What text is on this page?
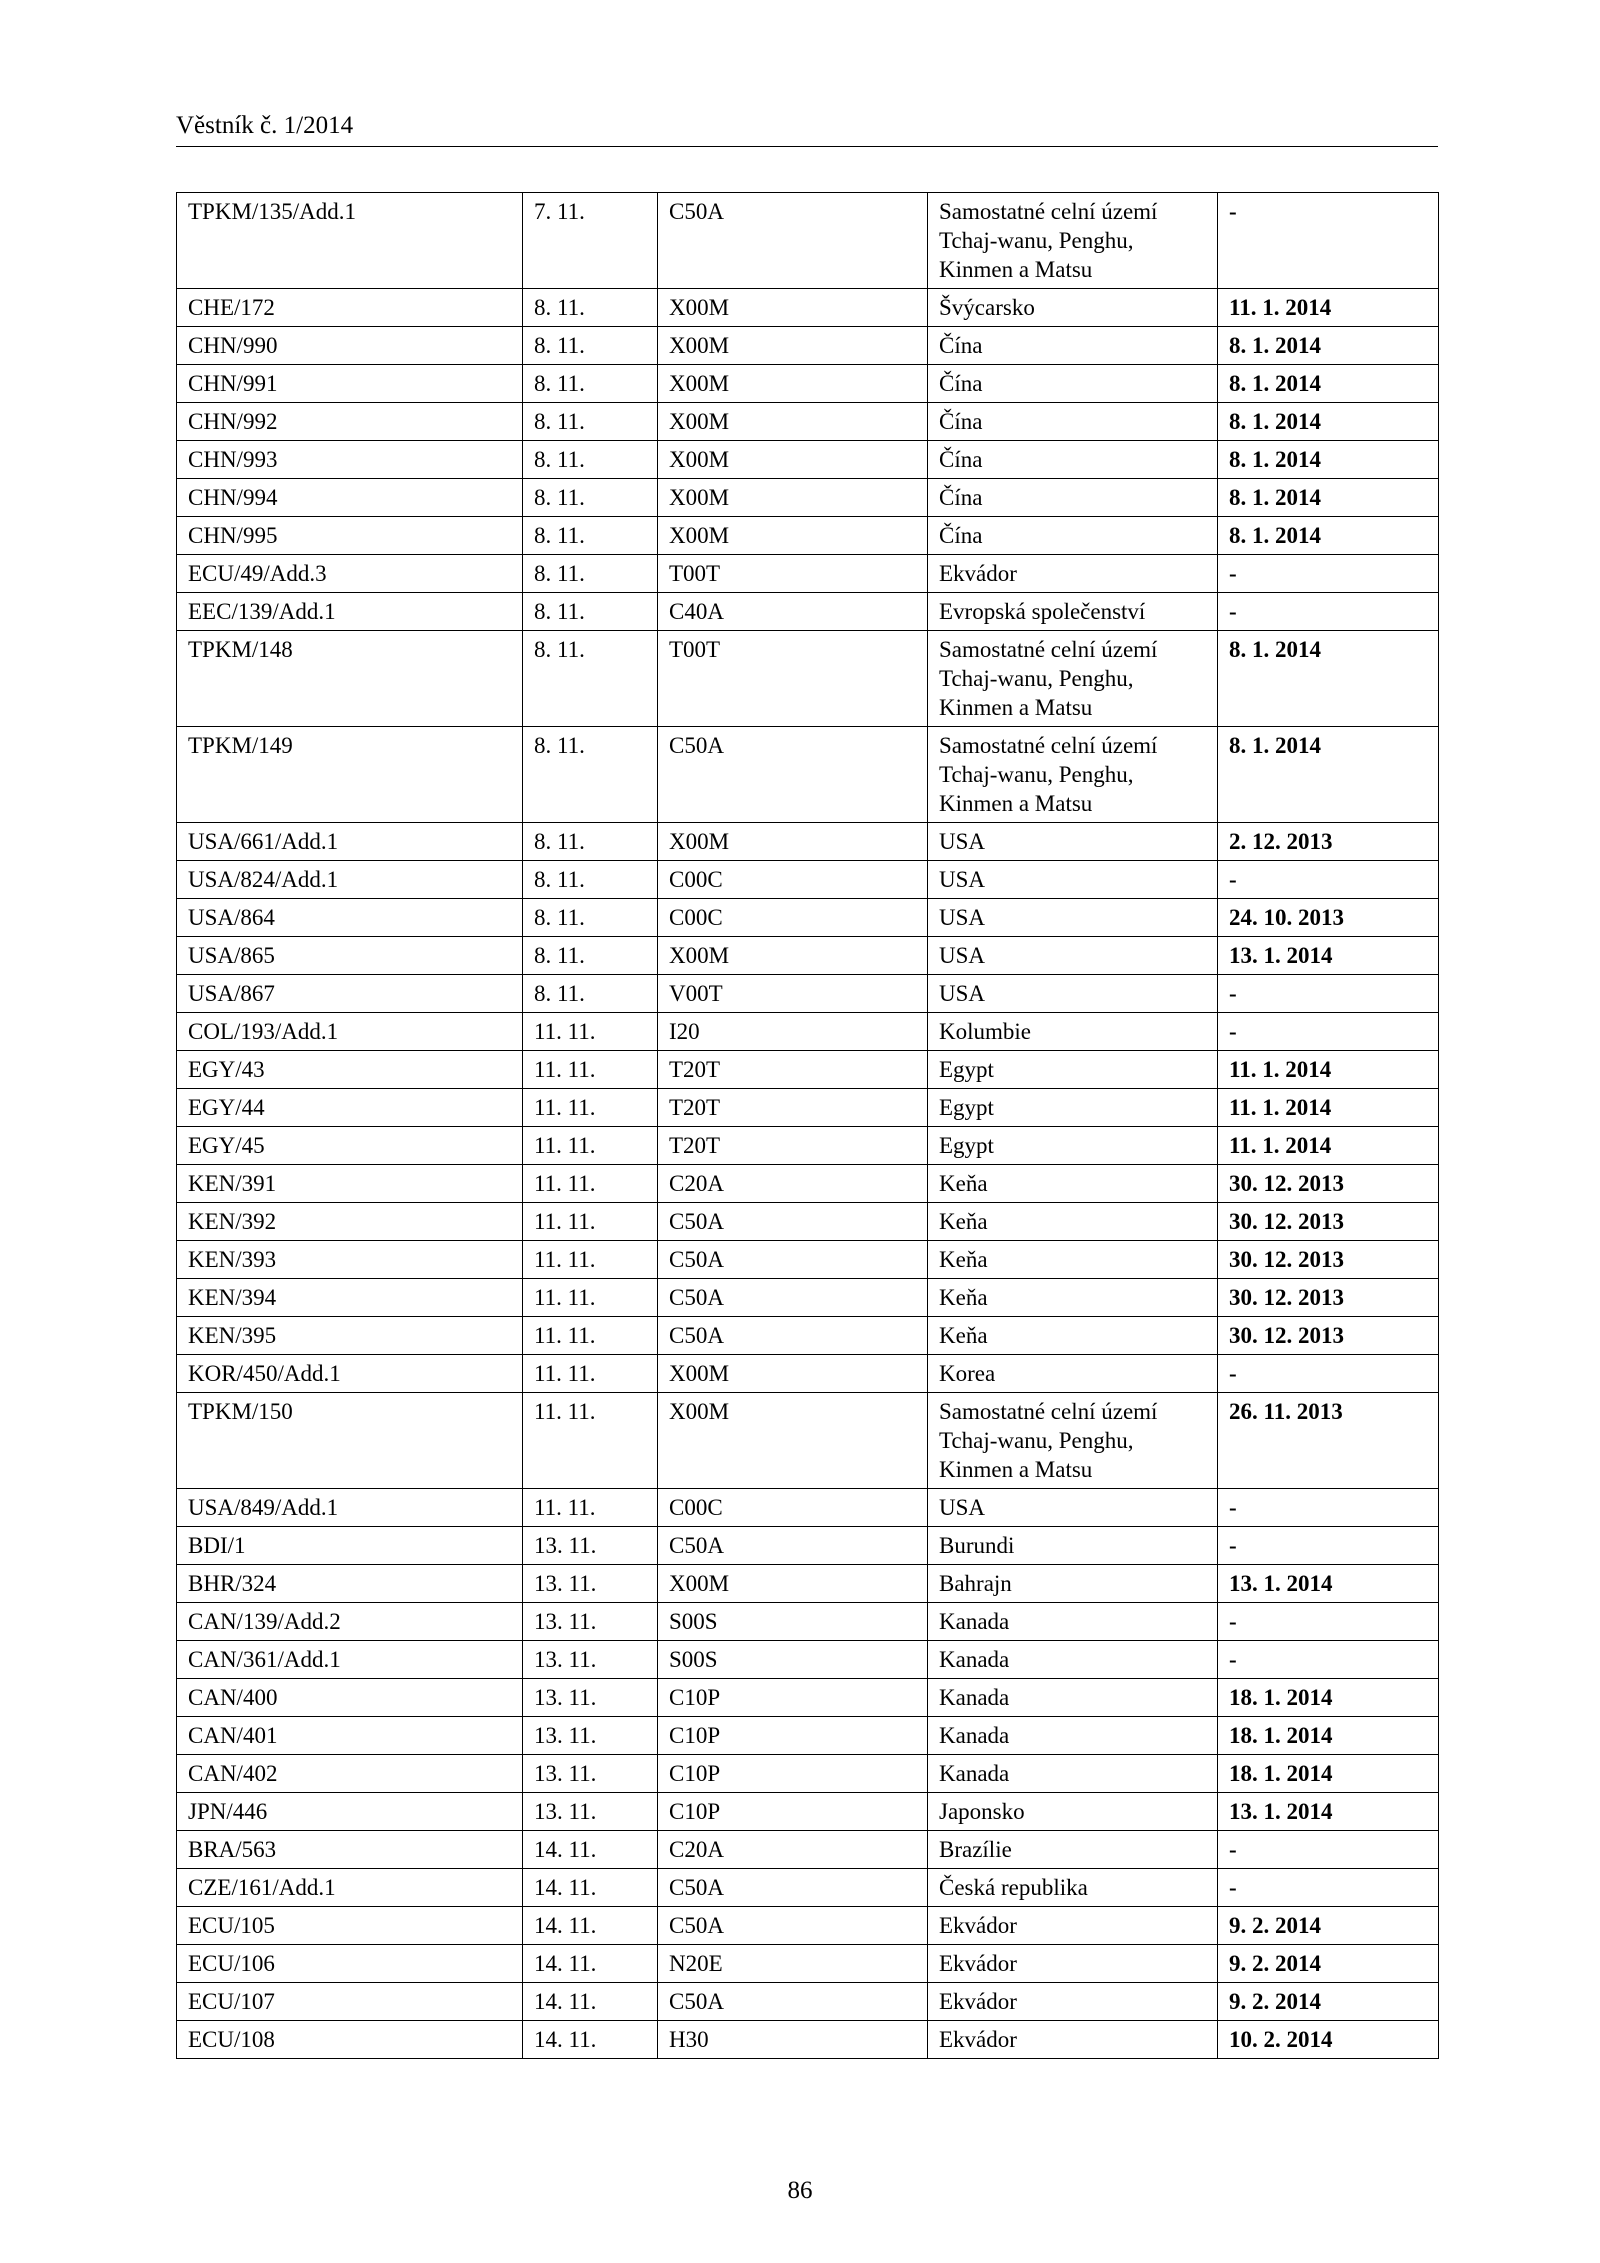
Věstník č. 1/2014
TPKM/135/Add.1	7. 11.	C50A	Samostatné celní území
Tchaj-wanu, Penghu,
Kinmen a Matsu	-
CHE/172	8. 11.	X00M	Švýcarsko	11. 1. 2014
CHN/990	8. 11.	X00M	Čína	8. 1. 2014
CHN/991	8. 11.	X00M	Čína	8. 1. 2014
CHN/992	8. 11.	X00M	Čína	8. 1. 2014
CHN/993	8. 11.	X00M	Čína	8. 1. 2014
CHN/994	8. 11.	X00M	Čína	8. 1. 2014
CHN/995	8. 11.	X00M	Čína	8. 1. 2014
ECU/49/Add.3	8. 11.	T00T	Ekvádor	-
EEC/139/Add.1	8. 11.	C40A	Evropská společenství	-
TPKM/148	8. 11.	T00T	Samostatné celní území
Tchaj-wanu, Penghu,
Kinmen a Matsu	8. 1. 2014
TPKM/149	8. 11.	C50A	Samostatné celní území
Tchaj-wanu, Penghu,
Kinmen a Matsu	8. 1. 2014
USA/661/Add.1	8. 11.	X00M	USA	2. 12. 2013
USA/824/Add.1	8. 11.	C00C	USA	-
USA/864	8. 11.	C00C	USA	24. 10. 2013
USA/865	8. 11.	X00M	USA	13. 1. 2014
USA/867	8. 11.	V00T	USA	-
COL/193/Add.1	11. 11.	I20	Kolumbie	-
EGY/43	11. 11.	T20T	Egypt	11. 1. 2014
EGY/44	11. 11.	T20T	Egypt	11. 1. 2014
EGY/45	11. 11.	T20T	Egypt	11. 1. 2014
KEN/391	11. 11.	C20A	Keňa	30. 12. 2013
KEN/392	11. 11.	C50A	Keňa	30. 12. 2013
KEN/393	11. 11.	C50A	Keňa	30. 12. 2013
KEN/394	11. 11.	C50A	Keňa	30. 12. 2013
KEN/395	11. 11.	C50A	Keňa	30. 12. 2013
KOR/450/Add.1	11. 11.	X00M	Korea	-
TPKM/150	11. 11.	X00M	Samostatné celní území
Tchaj-wanu, Penghu,
Kinmen a Matsu	26. 11. 2013
USA/849/Add.1	11. 11.	C00C	USA	-
BDI/1	13. 11.	C50A	Burundi	-
BHR/324	13. 11.	X00M	Bahrajn	13. 1. 2014
CAN/139/Add.2	13. 11.	S00S	Kanada	-
CAN/361/Add.1	13. 11.	S00S	Kanada	-
CAN/400	13. 11.	C10P	Kanada	18. 1. 2014
CAN/401	13. 11.	C10P	Kanada	18. 1. 2014
CAN/402	13. 11.	C10P	Kanada	18. 1. 2014
JPN/446	13. 11.	C10P	Japonsko	13. 1. 2014
BRA/563	14. 11.	C20A	Brazílie	-
CZE/161/Add.1	14. 11.	C50A	Česká republika	-
ECU/105	14. 11.	C50A	Ekvádor	9. 2. 2014
ECU/106	14. 11.	N20E	Ekvádor	9. 2. 2014
ECU/107	14. 11.	C50A	Ekvádor	9. 2. 2014
ECU/108	14. 11.	H30	Ekvádor	10. 2. 2014
86
